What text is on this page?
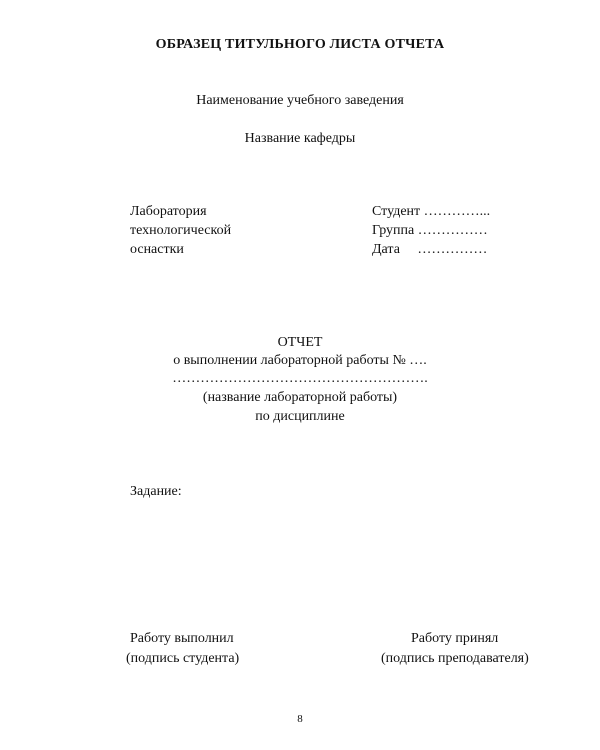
ОБРАЗЕЦ ТИТУЛЬНОГО ЛИСТА ОТЧЕТА
Наименование учебного заведения
Название кафедры
Лаборатория
технологической
оснастки
Студент …………...
Группа ……………
Дата     ……………
ОТЧЕТ
о выполнении лабораторной работы № ….
……………………………………………….
(название лабораторной работы)
по дисциплине
Задание:
Работу выполнил
(подпись студента)
Работу принял
(подпись преподавателя)
8
